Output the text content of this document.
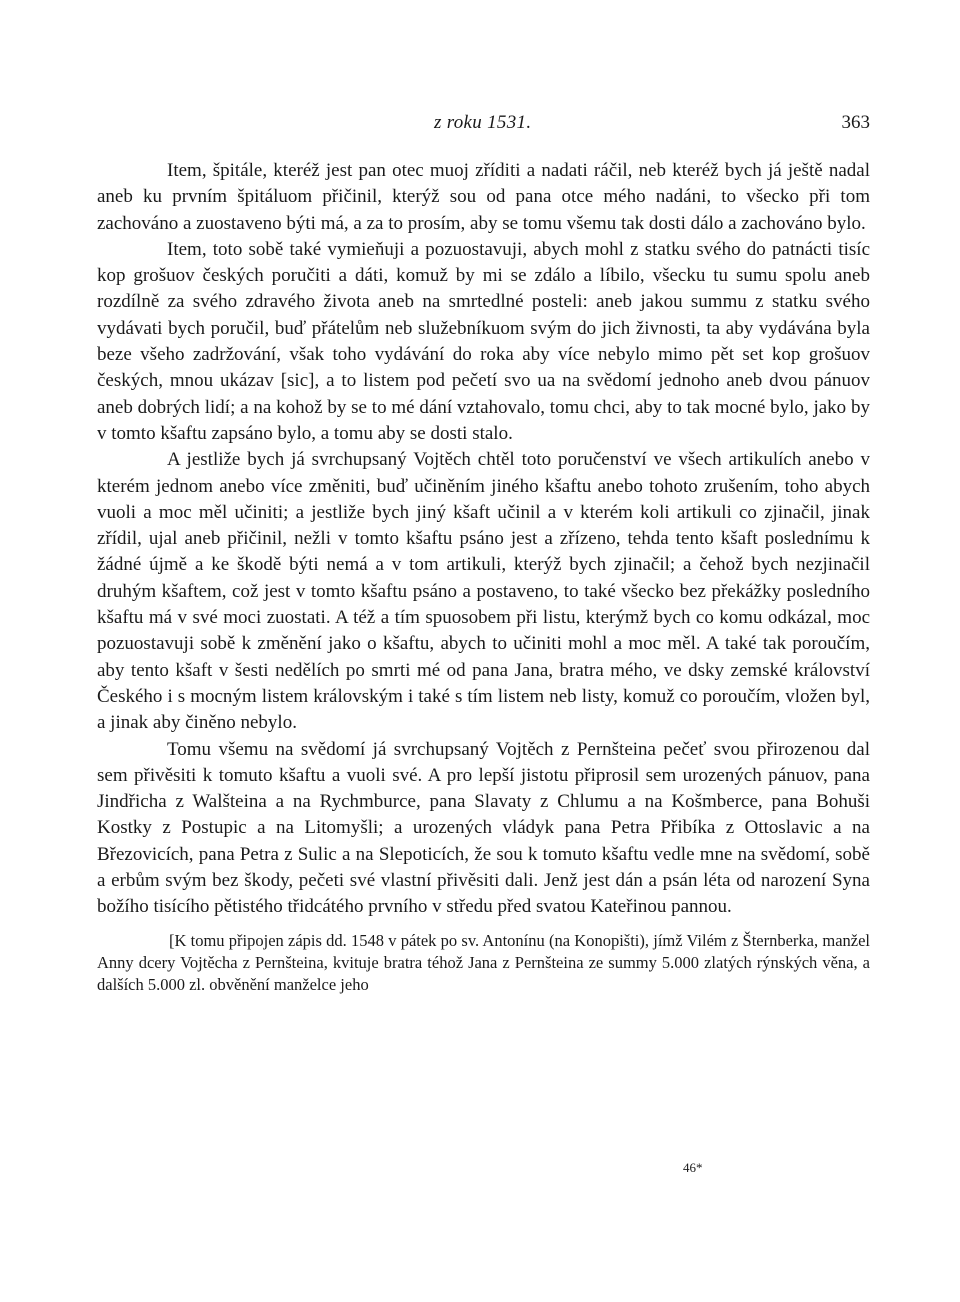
z roku 1531.	363

Item, špitále, kteréž jest pan otec muoj zříditi a nadati ráčil, neb kteréž bych já ještě nadal aneb ku prvním špitáluom přičinil, kterýž sou od pana otce mého nadáni, to všecko při tom zachováno a zuostaveno býti má, a za to prosím, aby se tomu všemu tak dosti dálo a zachováno bylo.

Item, toto sobě také vymieňuji a pozuostavuji, abych mohl z statku svého do patnácti tisíc kop grošuov českých poručiti a dáti, komuž by mi se zdálo a líbilo, všecku tu sumu spolu aneb rozdílně za svého zdravého života aneb na smrtedlné posteli: aneb jakou summu z statku svého vydávati bych poručil, buď přátelům neb služebníkuom svým do jich živnosti, ta aby vydávána byla beze všeho zadržování, však toho vydávání do roka aby více nebylo mimo pět set kop grošuov českých, mnou ukázav [sic], a to listem pod pečetí svo ua na svědomí jednoho aneb dvou pánuov aneb dobrých lidí; a na kohož by se to mé dání vztahovalo, tomu chci, aby to tak mocné bylo, jako by v tomto kšaftu zapsáno bylo, a tomu aby se dosti stalo.

A jestliže bych já svrchupsaný Vojtěch chtěl toto poručenství ve všech artikulích anebo v kterém jednom anebo více změniti, buď učiněním jiného kšaftu anebo tohoto zrušením, toho abych vuoli a moc měl učiniti; a jestliže bych jiný kšaft učinil a v kterém koli artikuli co zjinačil, jinak zřídil, ujal aneb přičinil, nežli v tomto kšaftu psáno jest a zřízeno, tehda tento kšaft poslednímu k žádné újmě a ke škodě býti nemá a v tom artikuli, kterýž bych zjinačil; a čehož bych nezjinačil druhým kšaftem, což jest v tomto kšaftu psáno a postaveno, to také všecko bez překážky posledního kšaftu má v své moci zuostati. A též a tím spuosobem při listu, kterýmž bych co komu odkázal, moc pozuostavuji sobě k změnění jako o kšaftu, abych to učiniti mohl a moc měl. A také tak poroučím, aby tento kšaft v šesti nedělích po smrti mé od pana Jana, bratra mého, ve dsky zemské království Českého i s mocným listem královským i také s tím listem neb listy, komuž co poroučím, vložen byl, a jinak aby činěno nebylo.

Tomu všemu na svědomí já svrchupsaný Vojtěch z Pernšteina pečeť svou přirozenou dal sem přivěsiti k tomuto kšaftu a vuoli své. A pro lepší jistotu připrosil sem urozených pánuov, pana Jindřicha z Walšteina a na Rychmburce, pana Slavaty z Chlumu a na Košmberce, pana Bohuši Kostky z Postupic a na Litomyšli; a urozených vládyk pana Petra Přibíka z Ottoslavic a na Březovicích, pana Petra z Sulic a na Slepoticích, že sou k tomuto kšaftu vedle mne na svědomí, sobě a erbům svým bez škody, pečeti své vlastní přivěsiti dali. Jenž jest dán a psán léta od narození Syna božího tisícího pětistého třidcátého prvního v středu před svatou Kateřinou pannou.

[K tomu připojen zápis dd. 1548 v pátek po sv. Antonínu (na Konopišti), jímž Vilém z Šternberka, manžel Anny dcery Vojtěcha z Pernšteina, kvituje bratra téhož Jana z Pernšteina ze summy 5.000 zlatých rýnských věna, a dalších 5.000 zl. obvěnění manželce jeho

46*
